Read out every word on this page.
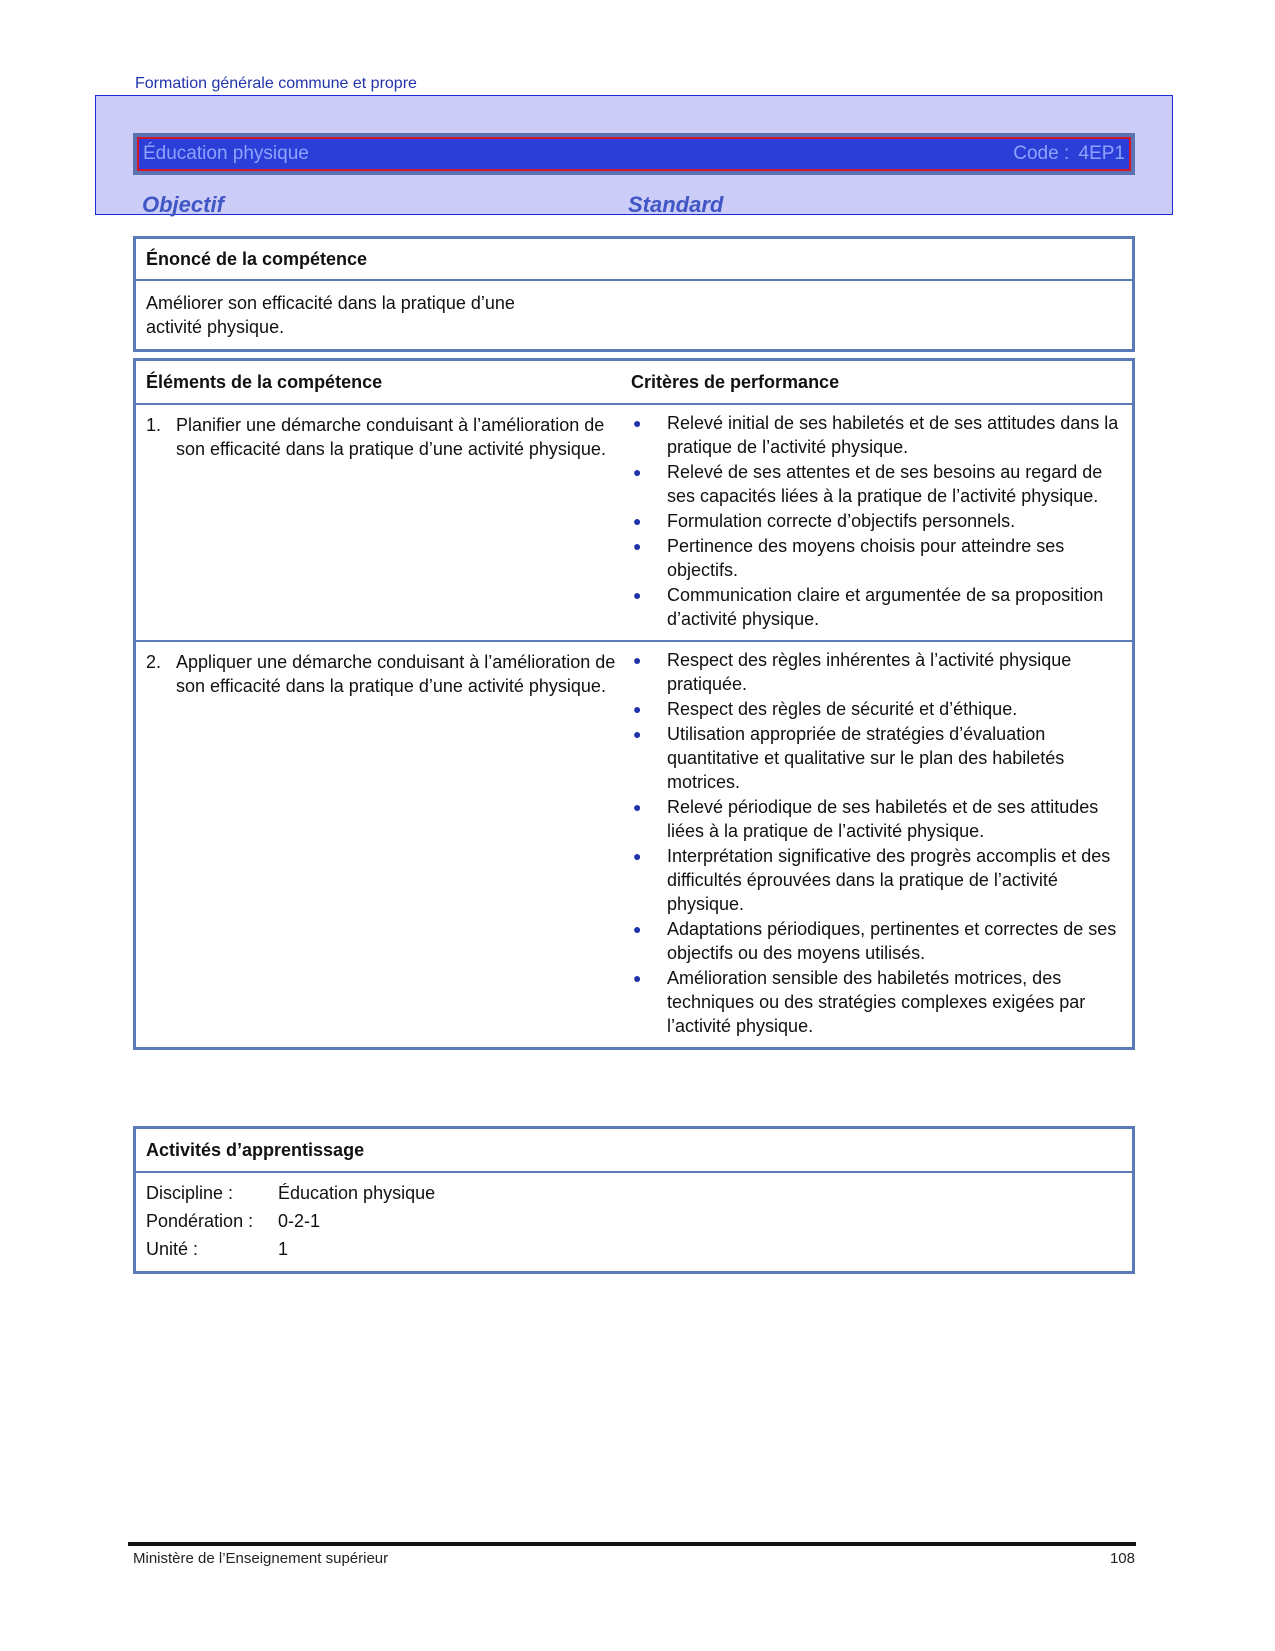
Formation générale commune et propre
Éducation physique	Code : 4EP1
Objectif	Standard
Énoncé de la compétence
Améliorer son efficacité dans la pratique d’une
activité physique.
Éléments de la compétence	Critères de performance
1. Planifier une démarche conduisant à l’amélioration de son efficacité dans la pratique d’une activité physique.
● Relevé initial de ses habiletés et de ses attitudes dans la pratique de l’activité physique.
● Relevé de ses attentes et de ses besoins au regard de ses capacités liées à la pratique de l’activité physique.
● Formulation correcte d’objectifs personnels.
● Pertinence des moyens choisis pour atteindre ses objectifs.
● Communication claire et argumentée de sa proposition d’activité physique.
2. Appliquer une démarche conduisant à l’amélioration de son efficacité dans la pratique d’une activité physique.
● Respect des règles inhérentes à l’activité physique pratiquée.
● Respect des règles de sécurité et d’éthique.
● Utilisation appropriée de stratégies d’évaluation quantitative et qualitative sur le plan des habiletés motrices.
● Relevé périodique de ses habiletés et de ses attitudes liées à la pratique de l’activité physique.
● Interprétation significative des progrès accomplis et des difficultés éprouvées dans la pratique de l’activité physique.
● Adaptations périodiques, pertinentes et correctes de ses objectifs ou des moyens utilisés.
● Amélioration sensible des habiletés motrices, des techniques ou des stratégies complexes exigées par l’activité physique.
Activités d’apprentissage
Discipline :	Éducation physique
Pondération :	0-2-1
Unité :	1
Ministère de l’Enseignement supérieur	108
